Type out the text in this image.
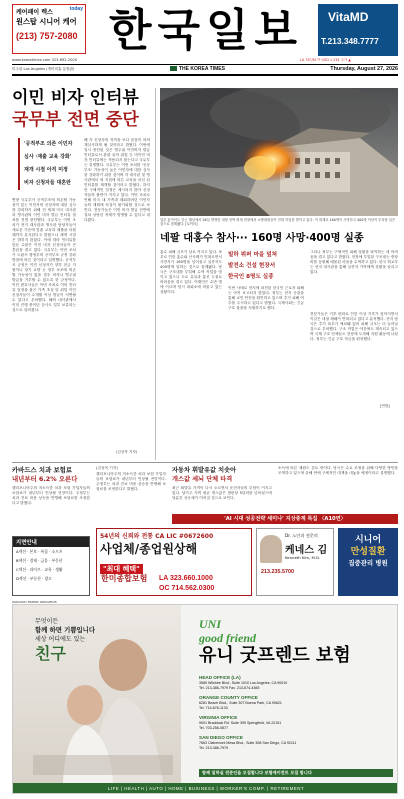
today
케어패이 렉스
원스탑 시니어 케어
(213) 757-2080 한국일보	VitaMD
T.213.348.7777
www.koreatimes.com 323-692-2000
미주판 Los Angeles (캐머비휴 통합판)	THE KOREA TIMES	Thursday, August 27, 2026
LA 78°/61°F USD 1,234 주가 ▲
이민 비자 인터뷰
국무부 전면 중단
'공적부조 의존 이민자
심사 ·재출 교육 강화'
재개 시점 아직 미정
비자 신청자들 대혼란
연방 국무부가 공적부조에 의존할 가능성이 있는 이민자의 신청자에 대한 심사를 강화하기 위해 전 세계 미국 대사관과 영사관의 이민 비자 발급 인터뷰 절차를 전면 중단했다. 국무부는 이번 조치가 현지 대사관과 영사관 담당자들이 새로운 기준에 맞춘 교육과 재출을 마칠 때까지 유지된다고 밝혔으나 재개 시점은 밝히지 않았다. 이에 따라 인터뷰를 앞둔 수많은 이민 비자 신청자들이 큰 혼란을 겪고 있다. 국무부는 이번 조치가 트럼프 행정부의 공적부조 규정 강화 방침에 따른 것이라고 설명했다. 공적부조 규정은 이민 신청자가 향후 현금 지원이나 장기 요양 등 정부 보조에 의존할 가능성이 있을 경우 비자나 영주권 발급을 거부할 수 있도록 한 규정이다. 이민 변호사들은 이번 조치로 이미 인터뷰 일정을 잡은 가족 초청 및 취업 이민 신청자들이 수개월 이상 발급이 지연될 수 있다고 우려했다. 해외 대사관에서 이미 진행 중이던 심사도 일부 보류되는 것으로 알려졌다.
해 각 신청자의 자격을 보다 꼼꼼히 따져 재심사하게 될 것이라고 밝혔다. 이번에 일시 중단된 것은 영주권 이민비자 발급 인터뷰로서 관광 유학 취업 등 비이민 비자 인터뷰에는 적용되지 않는다고 국무부는 설명했다. 국무부는 이번 조치를 '공공 부조' 가능성이 높은 이민자에 대한 심사를 강화하기 위한 것이며 각 대사관 및 영사관에서 새 지침에 따른 교육을 마친 뒤 인터뷰를 재개할 것이라고 밝혔다. 하지만 구체적인 일정은 제시되지 않아 신청자들의 불안이 커지고 있다. 이번 조치로 인해 미국 내 가족과 재회하려던 이민자들의 계획에 차질이 불가피할 것으로 보인다. 전문가들은 이민 비자 발급 전반에 걸쳐 상당한 적체가 발생할 수 있다고 내다봤다.
(김상목 기자)
일본 홋카이도 인근 해상에서 26일 발생한 대형 선박 화재 현장에서 소방대원들이 진화 작업을 벌이고 있다. 이 화재로 160명이 사망하고 400명 이상이 부상을 입은 것으로 집계됐다. [로이터]
네팔 대홍수 참사··· 160명 사망·400명 실종
홍수 피해 규모가 날로 커지고 있다. 폭우로 인한 홍수와 산사태가 잇따르면서 사망자가 160명을 넘어섰고 실종자도 400명에 달하는 것으로 집계됐다. 당국은 구조대를 투입해 수색 작업을 벌이고 있으나 도로 유실과 통신 두절로 어려움을 겪고 있다. 이재민은 수만 명에 이르며 임시 대피소에 머물고 있는 상황이다.
빌하 뷔퍼 마을 덮쳐
발전소 건설 현장서
한국인 8명도 실종
이번 사태로 현지에 파견된 한국인 근로자 피해는 아직 보고되지 않았다. 정부는 현지 공관을 통해 교민 안전을 확인하고 있으며 추가 피해 여부를 주시하고 있다고 밝혔다. 국제사회는 긴급 구호 물품을 지원하기로 했다.
그러나 정부는 구체적인 피해 상황을 파악하는 데 어려움을 겪고 있다고 밝혔다. 현장에 투입된 구조대는 중장비를 동원해 매몰된 마을을 수색하고 있다. 한국 외교부는 현지 대사관을 통해 실종자 가족에게 상황을 알리고 있다.
전문가들은 기후 변화로 인한 이상 기후가 잦아지면서 이같은 대형 재해가 반복되고 있다고 분석했다. 현지 당국은 추가 폭우가 예보돼 있어 피해 규모는 더 늘어날 것으로 우려했다. 구조 작업은 야간에도 계속되고 있으며 국제 구호 단체들도 현장에 도착해 지원 활동에 나섰다. 정부는 긴급 구호 자금을 편성했다.
[연합]
카바드스 치과 보험료
내년부터 6.2% 오른다
캘리포니아주의 저소득층 치과 보험 가입자들의 보험료가 내년부터 인상될 전망이다. 주정부는 치과 진료 비용 상승을 반영해 보험료를 조정한다고 밝혔다.
지면안내
A섹션 · 본보 · 특집 · 소프츠
B섹션 · 경제 · 금융 · 부동산
C섹션 · 라이프 · 교육 · 생활
D섹션 · 부동산 · 광고
(김상목 기자)
캘리포니아주의 저소득층 치과 보험 가입자들의 보험료가 내년부터 인상될 전망이다. 주정부는 치과 진료 비용 상승을 반영해 보험료를 조정한다고 밝혔다.
자동차 휘발유값 치솟아
개스값 세뇌 단체 타격
최근 휘발유 가격이 다시 오르면서 운전자들의 부담이 커지고 있다. 남가주 지역 평균 개스값은 갤런당 5달러를 넘어섰으며 당분간 상승세가 이어질 것으로 보인다.
소득에 따른 재원도 검토 중이다. 당국은 수요 조절을 위해 다양한 방안을 모색하고 있으며 올해 안에 구체적인 대책을 내놓을 예정이라고 설명했다.
'AI 시대 성공전략 세미나' 지상중계 특집 〈A10면〉
54년의 신뢰와 전통 CA LIC #0672600
사업체/종업원상해
"최대 혜택"
한미종합보험 LA 323.660.1000
OC 714.562.0300
Dr. 노인과 전문의
케네스 김
Kenneth Kim, M.D.
213.235.5700
시니어
만성질환
집중관리 병원
UNIGOOD FRIEND 9000x8545
무엇이든
함께 하면 기쁨입니다
세상 어디에도 있는
친구
UNI
good friend
유니 굿프렌드 보험
HEAD OFFICE (LA)
3580 Wilshire Blvd., Suite 1010 Los Angeles, CA 90010
Tel. 213-386-7979 Fax. 213-674-4365
ORANGE COUNTY OFFICE
6281 Beach Blvd., Suite 307 Buena Park, CA 90621
Tel. 714-676-1133
VIRGINIA OFFICE
9001 Braddock Rd. Suite 399 Springfield, VA 22151
Tel. 703-256-0877
SAN DIEGO OFFICE
7663 Clairemont Mesa Blvd., Suite 308 San Diego, CA 92111
Tel. 213-386-7979
함께 일하실 전문인을 모집합니다 보험에이전트 모집 합니다
LIFE | HEALTH | AUTO | HOME | BUSINESS | WORKER'S COMP. | RETIREMENT
